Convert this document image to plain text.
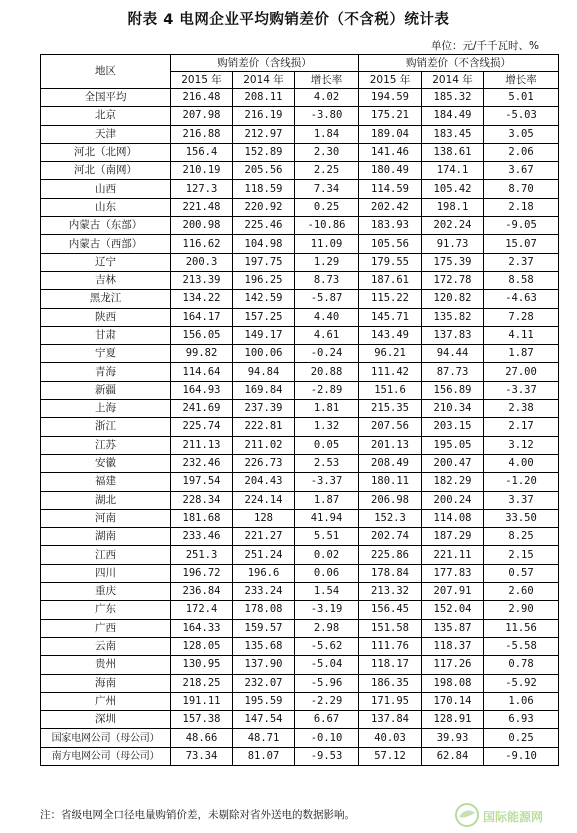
附表 4 电网企业平均购销差价（不含税）统计表
单位：元/千千瓦时、%
地区	购销差价（含线损）			购销差价（不含线损）		
	2015 年	2014 年	增长率	2015 年	2014 年	增长率
全国平均	216.48	208.11	4.02	194.59	185.32	5.01
北京	207.98	216.19	-3.80	175.21	184.49	-5.03
天津	216.88	212.97	1.84	189.04	183.45	3.05
河北（北网）	156.4	152.89	2.30	141.46	138.61	2.06
河北（南网）	210.19	205.56	2.25	180.49	174.1	3.67
山西	127.3	118.59	7.34	114.59	105.42	8.70
山东	221.48	220.92	0.25	202.42	198.1	2.18
内蒙古（东部）	200.98	225.46	-10.86	183.93	202.24	-9.05
内蒙古（西部）	116.62	104.98	11.09	105.56	91.73	15.07
辽宁	200.3	197.75	1.29	179.55	175.39	2.37
吉林	213.39	196.25	8.73	187.61	172.78	8.58
黑龙江	134.22	142.59	-5.87	115.22	120.82	-4.63
陕西	164.17	157.25	4.40	145.71	135.82	7.28
甘肃	156.05	149.17	4.61	143.49	137.83	4.11
宁夏	99.82	100.06	-0.24	96.21	94.44	1.87
青海	114.64	94.84	20.88	111.42	87.73	27.00
新疆	164.93	169.84	-2.89	151.6	156.89	-3.37
上海	241.69	237.39	1.81	215.35	210.34	2.38
浙江	225.74	222.81	1.32	207.56	203.15	2.17
江苏	211.13	211.02	0.05	201.13	195.05	3.12
安徽	232.46	226.73	2.53	208.49	200.47	4.00
福建	197.54	204.43	-3.37	180.11	182.29	-1.20
湖北	228.34	224.14	1.87	206.98	200.24	3.37
河南	181.68	128	41.94	152.3	114.08	33.50
湖南	233.46	221.27	5.51	202.74	187.29	8.25
江西	251.3	251.24	0.02	225.86	221.11	2.15
四川	196.72	196.6	0.06	178.84	177.83	0.57
重庆	236.84	233.24	1.54	213.32	207.91	2.60
广东	172.4	178.08	-3.19	156.45	152.04	2.90
广西	164.33	159.57	2.98	151.58	135.87	11.56
云南	128.05	135.68	-5.62	111.76	118.37	-5.58
贵州	130.95	137.90	-5.04	118.17	117.26	0.78
海南	218.25	232.07	-5.96	186.35	198.08	-5.92
广州	191.11	195.59	-2.29	171.95	170.14	1.06
深圳	157.38	147.54	6.67	137.84	128.91	6.93
国家电网公司（母公司）	48.66	48.71	-0.10	40.03	39.93	0.25
南方电网公司（母公司）	73.34	81.07	-9.53	57.12	62.84	-9.10
注：省级电网全口径电量购销价差，未剔除对省外送电的数据影响。	国际能源网
